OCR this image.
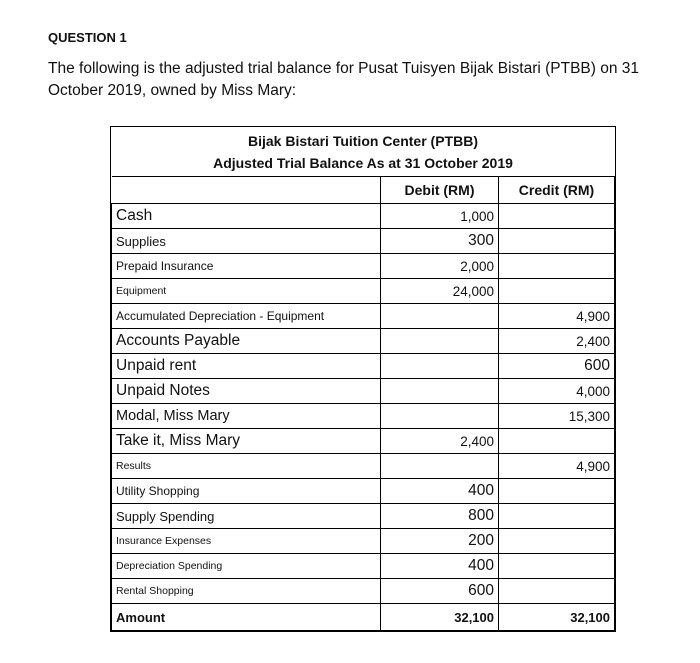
QUESTION 1
The following is the adjusted trial balance for Pusat Tuisyen Bijak Bistari (PTBB) on 31 October 2019, owned by Miss Mary:
Bijak Bistari Tuition Center (PTBB)
Adjusted Trial Balance As at 31 October 2019
	Debit (RM)	Credit (RM)
Cash	1,000	
Supplies	300	
Prepaid Insurance	2,000	
Equipment	24,000	
Accumulated Depreciation - Equipment		4,900
Accounts Payable		2,400
Unpaid rent		600
Unpaid Notes		4,000
Modal, Miss Mary		15,300
Take it, Miss Mary	2,400	
Results		4,900
Utility Shopping	400	
Supply Spending	800	
Insurance Expenses	200	
Depreciation Spending	400	
Rental Shopping	600	
Amount	32,100	32,100
